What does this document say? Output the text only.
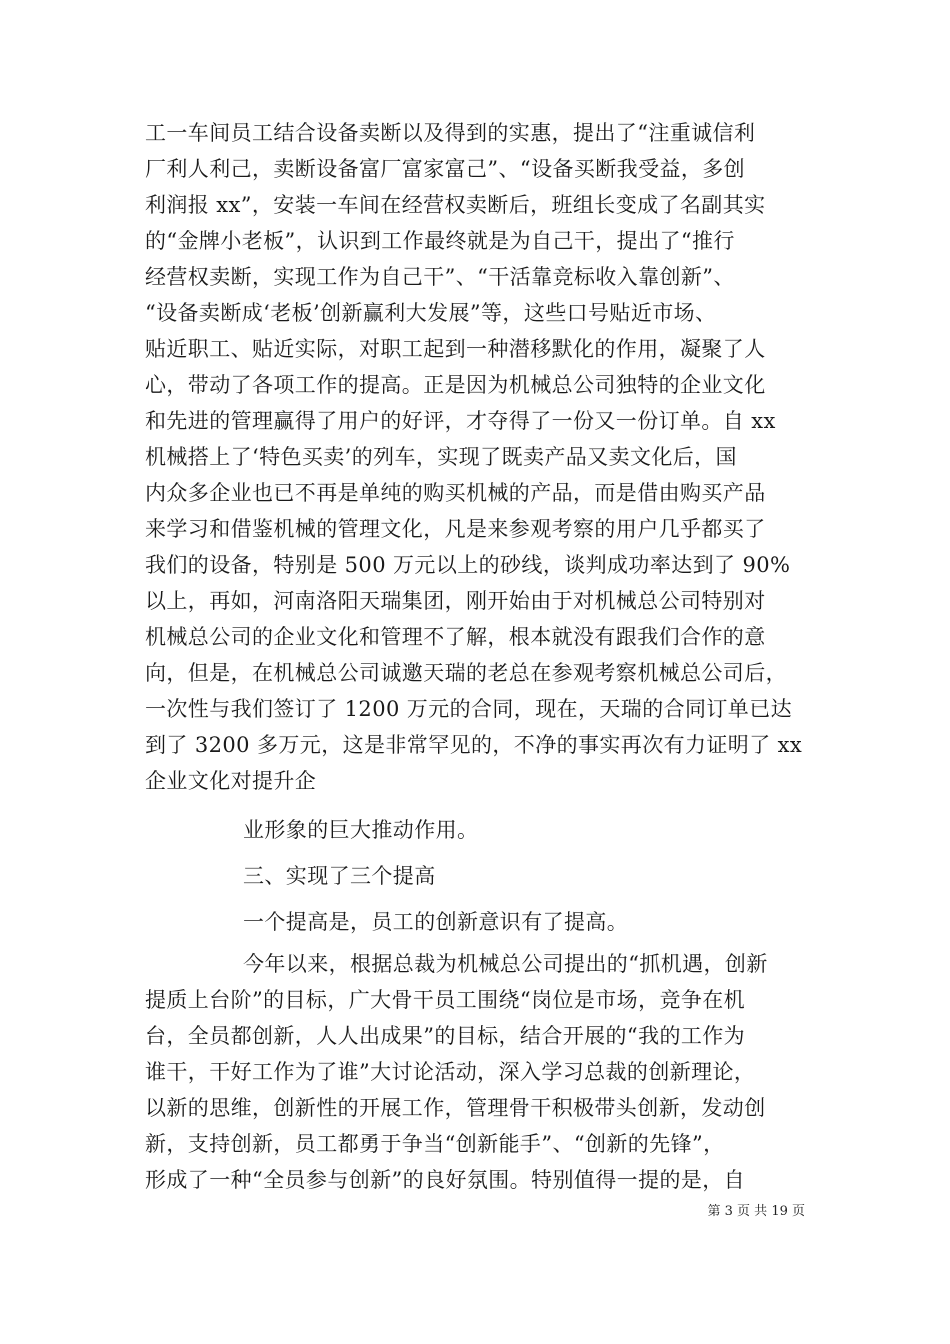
工一车间员工结合设备卖断以及得到的实惠，提出了“注重诚信利
厂利人利己，卖断设备富厂富家富己”、“设备买断我受益，多创
利润报 xx”，安装一车间在经营权卖断后，班组长变成了名副其实
的“金牌小老板”，认识到工作最终就是为自己干，提出了“推行
经营权卖断，实现工作为自己干”、“干活靠竞标收入靠创新”、
“设备卖断成‘老板’创新赢利大发展”等，这些口号贴近市场、
贴近职工、贴近实际，对职工起到一种潜移默化的作用，凝聚了人
心，带动了各项工作的提高。正是因为机械总公司独特的企业文化
和先进的管理赢得了用户的好评，才夺得了一份又一份订单。自 xx
机械搭上了‘特色买卖’的列车，实现了既卖产品又卖文化后，国
内众多企业也已不再是单纯的购买机械的产品，而是借由购买产品
来学习和借鉴机械的管理文化，凡是来参观考察的用户几乎都买了
我们的设备，特别是 500 万元以上的砂线，谈判成功率达到了 90%
以上，再如，河南洛阳天瑞集团，刚开始由于对机械总公司特别对
机械总公司的企业文化和管理不了解，根本就没有跟我们合作的意
向，但是，在机械总公司诚邀天瑞的老总在参观考察机械总公司后，
一次性与我们签订了 1200 万元的合同，现在，天瑞的合同订单已达
到了 3200 多万元，这是非常罕见的，不净的事实再次有力证明了 xx
企业文化对提升企
业形象的巨大推动作用。
三、实现了三个提高
一个提高是，员工的创新意识有了提高。
今年以来，根据总裁为机械总公司提出的“抓机遇，创新
提质上台阶”的目标，广大骨干员工围绕“岗位是市场，竞争在机
台，全员都创新，人人出成果”的目标，结合开展的“我的工作为
谁干，干好工作为了谁”大讨论活动，深入学习总裁的创新理论，
以新的思维，创新性的开展工作，管理骨干积极带头创新，发动创
新，支持创新，员工都勇于争当“创新能手”、“创新的先锋”，
形成了一种“全员参与创新”的良好氛围。特别值得一提的是，自
第 3 页 共 19 页
